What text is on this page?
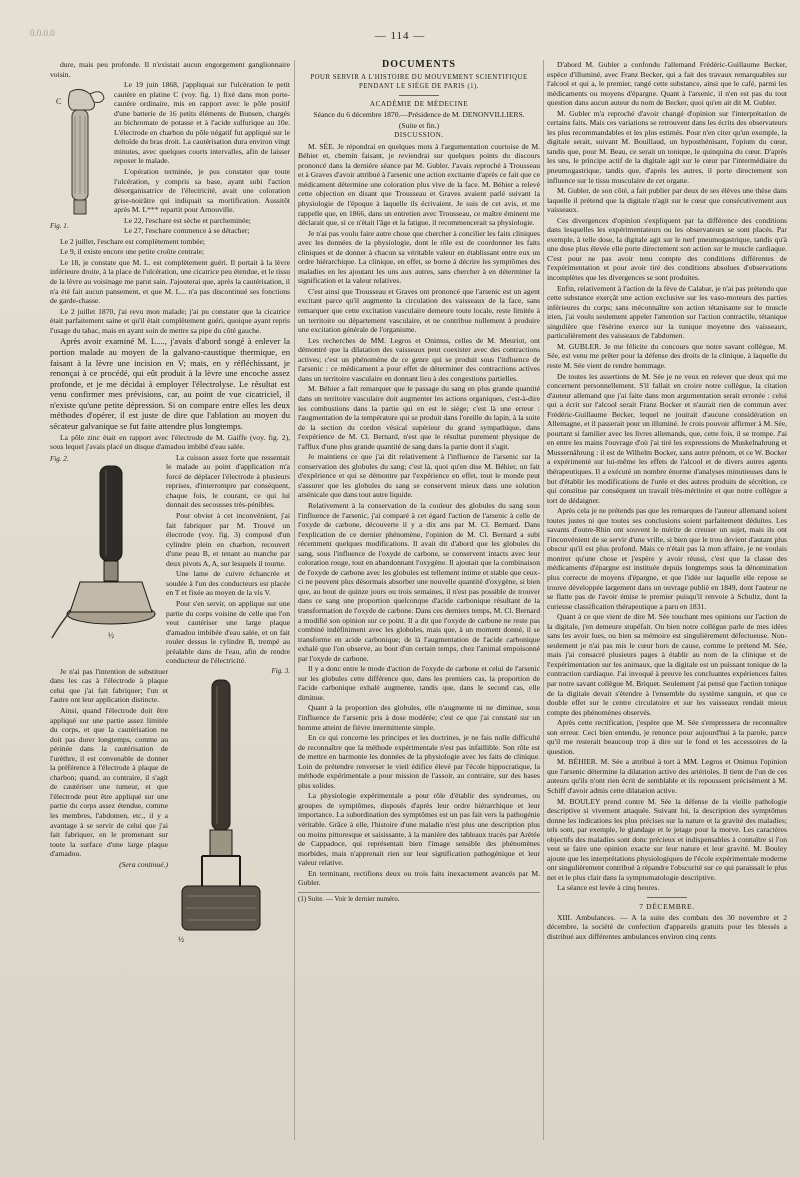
0.0.0.0	— 114 —

dure, mais peu profonde. Il n'existait aucun engorgement ganglionnaire voisin.

C
Fig. 1.

Le 19 juin 1868, j'appliquai sur l'ulcération le petit cautère en platine C (voy. fig. 1) fixé dans mon porte-cautère ordinaire, mis en rapport avec le pôle positif d'une batterie de 16 petits éléments de Bunsen, chargés au bichromate de potasse et à l'acide sulfurique au 10e. L'électrode en charbon du pôle négatif fut appliqué sur le deltoïde du bras droit. La cautérisation dura environ vingt minutes, avec quelques courts intervalles, afin de laisser reposer le malade.

L'opération terminée, je pus constater que toute l'ulcération, y compris sa base, ayant subi l'action désorganisatrice de l'électricité, avait une coloration grise-noirâtre qui indiquait sa mortification. Aussitôt après M. L*** repartit pour Arnouville.

Le 22, l'eschare est sèche et parcheminée;

Le 27, l'eschare commence à se détacher;

Le 2 juillet, l'eschare est complètement tombée;

Le 9, il existe encore une petite croûte centrale;

Le 18, je constate que M. L. est complètement guéri. Il portait à la lèvre inférieure droite, à la place de l'ulcération, une cicatrice peu étendue, et le tissu de la lèvre au voisinage me parut sain. J'ajouterai que, après la cautérisation, il n'a été fait aucun pansement, et que M. L... n'a pas discontinué ses fonctions de garde-chasse.

Le 2 juillet 1870, j'ai revu mon malade; j'ai pu constater que la cicatrice était parfaitement saine et qu'il était complètement guéri, quoique ayant repris l'usage du tabac, mais en ayant soin de mettre sa pipe du côté gauche.

Après avoir examiné M. L...., j'avais d'abord songé à enlever la portion malade au moyen de la galvano-caustique thermique, en faisant à la lèvre une incision en V; mais, en y réfléchissant, je renonçai à ce procédé, qui eût produit à la lèvre une encoche assez profonde, et je me décidai à employer l'électrolyse. Le résultat est venu confirmer mes prévisions, car, au point de vue cicatriciel, il n'existe qu'une petite dépression. Si on compare entre elles les deux méthodes d'opérer, il est juste de dire que l'ablation au moyen du sécateur galvanique se fut faite attendre plus longtemps.

La pôle zinc était en rapport avec l'électrode de M. Gaiffe (voy. fig. 2), sous lequel j'avais placé un disque d'amadou imbibé d'eau salée.

Fig. 2.
½

La cuisson assez forte que ressentait le malade au point d'application m'a forcé de déplacer l'électrode à plusieurs reprises, d'interrompre par conséquent, chaque fois, le courant, ce qui lui donnait des secousses très-pénibles.

Pour obvier à cet inconvénient, j'ai fait fabriquer par M. Trouvé un électrode (voy. fig. 3) composé d'un cylindre plein en charbon, recouvert d'une peau B, et tenant au manche par deux pivots A, A, sur lesquels il tourne.

Une lame de cuivre échancrée et soudée à l'un des conducteurs est placée en T et fixée au moyen de la vis V.

Pour s'en servir, on applique sur une partie du corps voisine de celle que l'on veut cautériser une large plaque d'amadou imbibée d'eau salée, et on fait rouler dessus le cylindre B, trempé au préalable dans de l'eau, afin de rendre conducteur de l'électricité.

Fig. 3.
½

Je n'ai pas l'intention de substituer dans les cas à l'électrode à plaque celui que j'ai fait fabriquer; l'un et l'autre ont leur application distincte.

Ainsi, quand l'électrode doit être appliqué sur une partie assez limitée du corps, et que la cautérisation ne doit pas durer longtemps, comme au périnée dans la cautérisation de l'urèthre, il est convenable de donner la préférence à l'électrode à plaque de charbon; quand, au contraire, il s'agit de cautériser une tumeur, et que l'électrode peut être appliqué sur une partie du corps assez étendue, comme les membres, l'abdomen, etc., il y a avantage à se servir de celui que j'ai fait fabriquer, en le promenant sur toute la surface d'une large plaque d'amadou.

(Sera continué.)

DOCUMENTS
POUR SERVIR A L'HISTOIRE DU MOUVEMENT SCIENTIFIQUE
PENDANT LE SIÉGE DE PARIS (1).

ACADÉMIE DE MÉDECINE

Séance du 6 décembre 1870.—Présidence de M. DENONVILLIERS.

(Suite et fin.)

DISCUSSION.

M. SÉE. Je répondrai en quelques mots à l'argumentation courtoise de M. Béhier et, chemin faisant, je reviendrai sur quelques points du discours prononcé dans la dernière séance par M. Gubler. J'avais reproché à Trousseau et à Graves d'avoir attribué à l'arsenic une action excitante d'après ce fait que ce médicament détermine une coloration plus vive de la face. M. Béhier a relevé cette objection en disant que Trousseau et Graves avaient parlé suivant la physiologie de l'époque à laquelle ils écrivaient. Je suis de cet avis, et me rappelle que, en 1866, dans un entretien avec Trousseau, ce maître éminent me déclarait que, si ce n'était l'âge et la fatigue, il recommencerait sa physiologie.

Je n'ai pas voulu faire autre chose que chercher à concilier les faits cliniques avec les données de la physiologie, dont le rôle est de coordonner les faits cliniques et de donner à chacun sa véritable valeur en établissant entre eux un ordre hiérarchique. La clinique, en effet, se borne à décrire les symptômes des maladies en les ajoutant les uns aux autres, sans chercher à en déterminer la signification et la valeur relatives.

C'est ainsi que Trousseau et Graves ont prononcé que l'arsenic est un agent excitant parce qu'il augmente la circulation des vaisseaux de la face, sans remarquer que cette excitation vasculaire demeure toute locale, reste limitée à un territoire ou département vasculaire, et ne contribue nullement à produire une excitation générale de l'organisme.

Les recherches de MM. Legros et Onimus, celles de M. Meuriot, ont démontré que la dilatation des vaisseaux peut coexister avec des contractions actives; c'est un phénomène de ce genre qui se produit sous l'influence de l'arsenic : ce médicament a pour effet de déterminer des contractions actives dans un territoire vasculaire en donnant lieu à des congestions partielles.

M. Béhier a fait remarquer que le passage du sang en plus grande quantité dans un territoire vasculaire doit augmenter les actions organiques, c'est-à-dire les combustions dans la partie qui en est le siège; c'est là une erreur : l'augmentation de la température qui se produit dans l'oreille du lapin, à la suite de la section du cordon vésical supérieur du grand sympathique, dans l'expérience de M. Cl. Bernard, n'est que le résultat purement physique de l'afflux d'une plus grande quantité de sang dans la partie dont il s'agit.

Je maintiens ce que j'ai dit relativement à l'influence de l'arsenic sur la conservation des globules du sang; c'est là, quoi qu'en dise M. Béhier, un fait d'expérience et qui se démontre par l'expérience en effet, tout le monde peut s'assurer que les globules du sang se conservent mieux dans une solution arsénicale que dans tout autre liquide.

Relativement à la conservation de la couleur des globules du sang sous l'influence de l'arsenic, j'ai comparé à cet égard l'action de l'arsenic à celle de l'oxyde de carbone, découverte il y a dix ans par M. Cl. Bernard. Dans l'explication de ce dernier phénomène, l'opinion de M. Cl. Bernard a subi récemment quelques modifications. Il avait dit d'abord que les globules du sang, sous l'influence de l'oxyde de carbone, se conservent intacts avec leur coloration rouge, tout en abandonnant l'oxygène. Il ajoutait que la combinaison de l'oxyde de carbone avec les globules est tellement intime et stable que ceux-ci ne peuvent plus désormais absorber une nouvelle quantité d'oxygène, si bien que, au bout de quinze jours ou trois semaines, il n'est pas possible de trouver dans ce sang une proportion quelconque d'acide carbonique résultant de la transformation de l'oxyde de carbone. Dans ces derniers temps, M. Cl. Bernard a modifié son opinion sur ce point. Il a dit que l'oxyde de carbone ne reste pas combiné indéfiniment avec les globules, mais que, à un moment donné, il se transforme en acide carbonique; de là l'augmentation de l'acide carbonique exhalé que l'on observe, au bout d'un certain temps, chez l'animal empoisonné par l'oxyde de carbone.

Il y a donc entre le mode d'action de l'oxyde de carbone et celui de l'arsenic sur les globules cette différence que, dans les premiers cas, la proportion de l'acide carbonique exhalé augmente, tandis que, dans le second cas, elle diminue.

Quant à la proportion des globules, elle n'augmente ni ne diminue, sous l'influence de l'arsenic pris à dose modérée; c'est ce que j'ai constaté sur un homme atteint de fièvre intermittente simple.

En ce qui concerne les principes et les doctrines, je ne fais nulle difficulté de reconnaître que la méthode expérimentale n'est pas infaillible. Son rôle est de mettre en harmonie les données de la physiologie avec les faits de clinique. Loin de prétendre renverser le vieil édifice élevé par l'école hippocratique, la méthode expérimentale a pour mission de l'assoir, au contraire, sur des bases plus solides.

La physiologie expérimentale a pour rôle d'établir des syndromes, ou groupes de symptômes, disposés d'après leur ordre hiérarchique et leur importance. La subordination des symptômes est un pas fait vers la pathogénie véritable. Grâce à elle, l'histoire d'une maladie n'est plus une description plus ou moins pittoresque et saisissante, à la manière des tableaux tracés par Arétée de Cappadoce, qui représentait bien l'image sensible des phénomènes morbides, mais n'apprenait rien sur leur signification pathogénique et leur valeur relative.

En terminant, rectifions deux ou trois faits inexactement avancés par M. Gubler.

(1) Suite. — Voir le dernier numéro.

D'abord M. Gubler a confondu l'allemand Frédéric-Guillaume Becker, espèce d'illuminé, avec Franz Becker, qui a fait des travaux remarquables sur l'alcool et qui a, le premier, rangé cette substance, ainsi que le café, parmi les médicaments ou moyens d'épargne. Quant à l'arsenic, il n'en est pas du tout question dans aucun auteur du nom de Becker, quoi qu'en ait dit M. Gubler.

M. Gubler m'a reproché d'avoir changé d'opinion sur l'interprétation de certains faits. Mais ces variations se retrouvent dans les écrits des observateurs les plus recommandables et les plus estimés. Pour n'en citer qu'un exemple, la digitale serait, suivant M. Bouillaud, un hyposthénisant, l'opium du cœur, tandis que, pour M. Beau, ce serait un tonique, le quinquina du cœur. D'après les uns, le principe actif de la digitale agit sur le cœur par l'intermédiaire du pneumogastrique, tandis que, d'après les autres, il porte directement son influence sur le tissu musculaire de cet organe.

M. Gubler, de son côté, a fait publier par deux de ses élèves une thèse dans laquelle il prétend que la digitale n'agit sur le cœur que consécutivement aux vaisseaux.

Ces divergences d'opinion s'expliquent par la différence des conditions dans lesquelles les expérimentateurs ou les observateurs se sont placés. Par exemple, à telle dose, la digitale agit sur le nerf pneumogastrique, tandis qu'à une dose plus élevée elle porte directement son action sur le muscle cardiaque. C'est pour ne pas avoir tenu compte des conditions différentes de l'expérimentation et pour avoir tiré des conditions absolues d'observations incomplètes que les divergences se sont produites.

Enfin, relativement à l'action de la fève de Calabar, je n'ai pas prétendu que cette substance exerçât une action exclusive sur les vaso-moteurs des parties inférieures du corps; sans méconnaître son action tétanisante sur le muscle irien, j'ai voulu seulement appeler l'attention sur l'action contractile, tétanique singulière que l'ésérine exerce sur la tunique moyenne des vaisseaux, particulièrement des vaisseaux de l'abdomen.

M. GUBLER. Je me félicite du concours que notre savant collègue, M. Sée, est venu me prêter pour la défense des droits de la clinique, à laquelle du reste M. Sée vient de rendre hommage.

De toutes les assertions de M. Sée je ne veux en relever que deux qui me concernent personnellement. S'il fallait en croire notre collègue, la citation d'auteur allemand que j'ai faite dans mon argumentation serait erronée : celui qui a écrit sur l'alcool serait Franz Bocker et n'aurait rien de commun avec Frédéric-Guillaume Becker, lequel ne jouirait d'aucune considération en Allemagne, et il passerait pour un illuminé. Je crois pouvoir affirmer à M. Sée, pourtant si familier avec les livres allemands, que, cette fois, il se trompe. J'ai en entre les mains l'ouvrage d'où j'ai tiré les expressions de Muskelnahrung et Mussernährung : il est de Wilhelm Bocker, sans autre prénom, et ce W. Bocker a expérimenté sur lui-même les effets de l'alcool et de divers autres agents thérapeutiques. Il a exécuté un nombre énorme d'analyses minutieuses dans le but d'établir les modifications de l'urée et des autres produits de sécrétion, ce qui constitue par conséquent un travail très-méritoire et que notre collègue a tort de dédaigner.

Après cela je ne prétends pas que les remarques de l'auteur allemand soient toutes justes ni que toutes ses conclusions soient parfaitement déduites. Les savants d'outre-Rhin ont souvent le mérite de creuser un sujet, mais ils ont l'inconvénient de se servir d'une vrille, si bien que le trou devient d'autant plus obscur qu'il est plus profond. Mais ce n'était pas là mon affaire, je ne voulais montrer qu'une chose et j'espère y avoir réussi, c'est que la classe des médicaments d'épargne est instituée depuis longtemps sous la dénomination plus correcte de moyens d'épargne, et que l'idée sur laquelle elle repose se trouve développée largement dans un ouvrage publié en 1849, dont l'auteur ne se flatte pas de l'avoir émise le premier puisqu'il renvoie à Schultz, dont la curieuse classification thérapeutique a paru en 1831.

Quant à ce que vient de dire M. Sée touchant mes opinions sur l'action de la digitale, j'en demeure stupéfait. Ou bien notre collègue parle de mes idées sans les avoir lues, ou bien sa mémoire est singulièrement défectueuse. Non-seulement je n'ai pas mis le cœur hors de cause, comme le prétend M. Sée, mais j'ai consacré plusieurs pages à établir au nom de la clinique et de l'expérimentation sur les animaux, que la digitale est un puissant tonique de la contraction cardiaque. J'ai invoqué à preuve les concluantes expériences faites par notre savant collègue M. Briquet. Seulement j'ai pensé que l'action tonique de la digitale devait s'étendre à l'ensemble du système sanguin, et que ce double effet sur le centre circulatoire et sur les vaisseaux rendait mieux compte des phénomènes observés.

Après cette rectification, j'espère que M. Sée s'empressera de reconnaître son erreur. Ceci bien entendu, je renonce pour aujourd'hui à la parole, parce qu'il me resterait beaucoup trop à dire sur le fond et les accessoires de la question.

M. BÉHIER. M. Sée a attribué à tort à MM. Legros et Onimus l'opinion que l'arsenic détermine la dilatation active des artérioles. Il tient de l'un de ces auteurs qu'ils n'ont rien écrit de semblable et ils repoussent précisément à M. Schiff d'avoir admis cette dilatation active.

M. BOULEY prend contre M. Sée la défense de la vieille pathologie descriptive si vivement attaquée. Suivant lui, la description des symptômes donne les indications les plus précises sur la nature et la gravité des maladies; tels sont, par exemple, le glandage et le jetage pour la morve. Les caractères objectifs des maladies sont donc précieux et indispensables à connaître si l'on veut se faire une opinion exacte sur leur nature et leur gravité. M. Bouley ajoute que les interprétations physiologiques de l'école expérimentale moderne ont singulièrement contribué à répandre l'obscurité sur ce qui paraissait le plus net et le plus clair dans la symptomatologie descriptive.

La séance est levée à cinq heures.

7 DÉCEMBRE.

XIII. Ambulances. — A la suite des combats des 30 novembre et 2 décembre, la société de confection d'appareils gratuits pour les blessés a distribué aux différentes ambulances environ cinq cents
